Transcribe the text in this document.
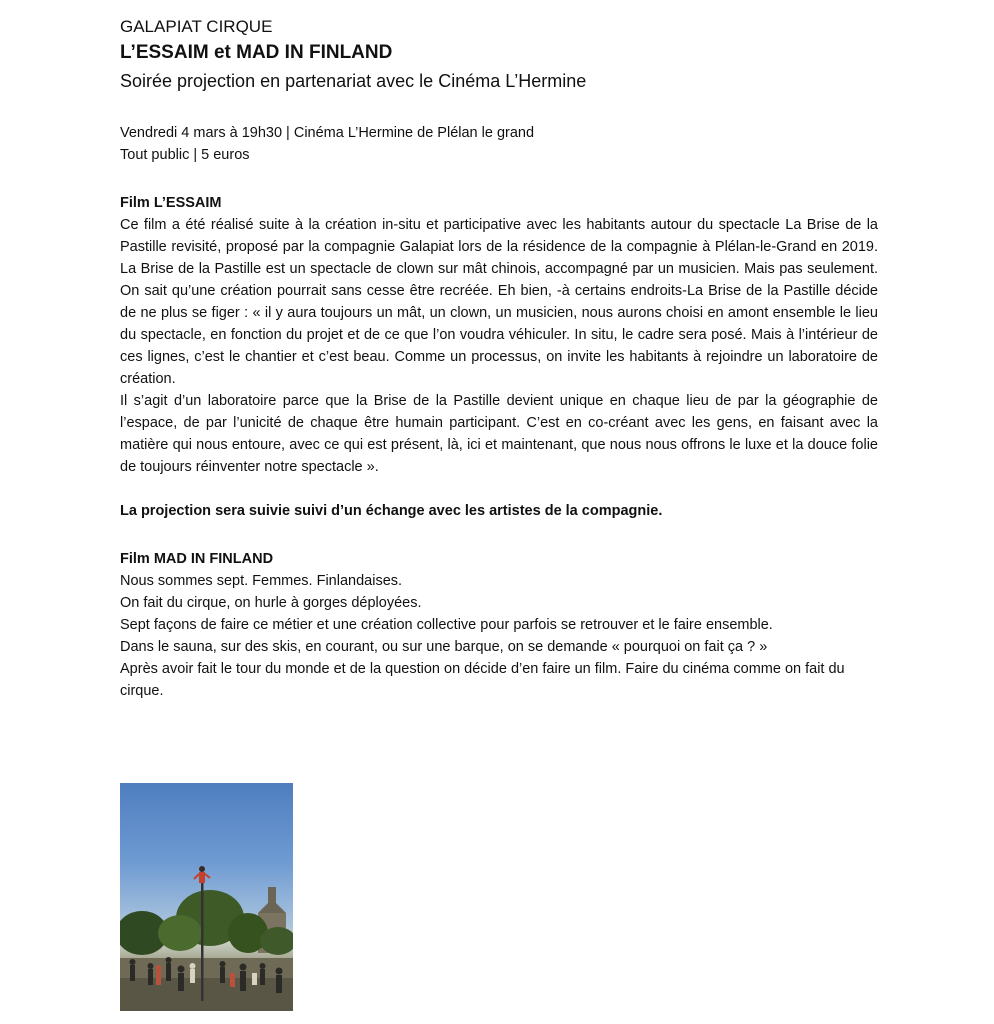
GALAPIAT CIRQUE

L’ESSAIM et MAD IN FINLAND
Soirée projection en partenariat avec le Cinéma L’Hermine

Vendredi 4 mars à 19h30 | Cinéma L’Hermine de Plélan le grand

Tout public | 5 euros

Film L’ESSAIM

Ce film a été réalisé suite à la création in-situ et participative avec les habitants autour du spectacle La Brise de la Pastille revisité, proposé par la compagnie Galapiat lors de la résidence de la compagnie à Plélan-le-Grand en 2019. La Brise de la Pastille est un spectacle de clown sur mât chinois, accompagné par un musicien. Mais pas seulement. On sait qu’une création pourrait sans cesse être recréée. Eh bien, -à certains endroits-La Brise de la Pastille décide de ne plus se figer : « il y aura toujours un mât, un clown, un musicien, nous aurons choisi en amont ensemble le lieu du spectacle, en fonction du projet et de ce que l’on voudra véhiculer. In situ, le cadre sera posé. Mais à l’intérieur de ces lignes, c’est le chantier et c’est beau. Comme un processus, on invite les habitants à rejoindre un laboratoire de création.

Il s’agit d’un laboratoire parce que la Brise de la Pastille devient unique en chaque lieu de par la géographie de l’espace, de par l’unicité de chaque être humain participant. C’est en co-créant avec les gens, en faisant avec la matière qui nous entoure, avec ce qui est présent, là, ici et maintenant, que nous nous offrons le luxe et la douce folie de toujours réinventer notre spectacle ».

La projection sera suivie suivi d’un échange avec les artistes de la compagnie.

Film MAD IN FINLAND

Nous sommes sept. Femmes. Finlandaises.

On fait du cirque, on hurle à gorges déployées.

Sept façons de faire ce métier et une création collective pour parfois se retrouver et le faire ensemble.

Dans le sauna, sur des skis, en courant, ou sur une barque, on se demande « pourquoi on fait ça ? »

Après avoir fait le tour du monde et de la question on décide d’en faire un film. Faire du cinéma comme on fait du cirque.
